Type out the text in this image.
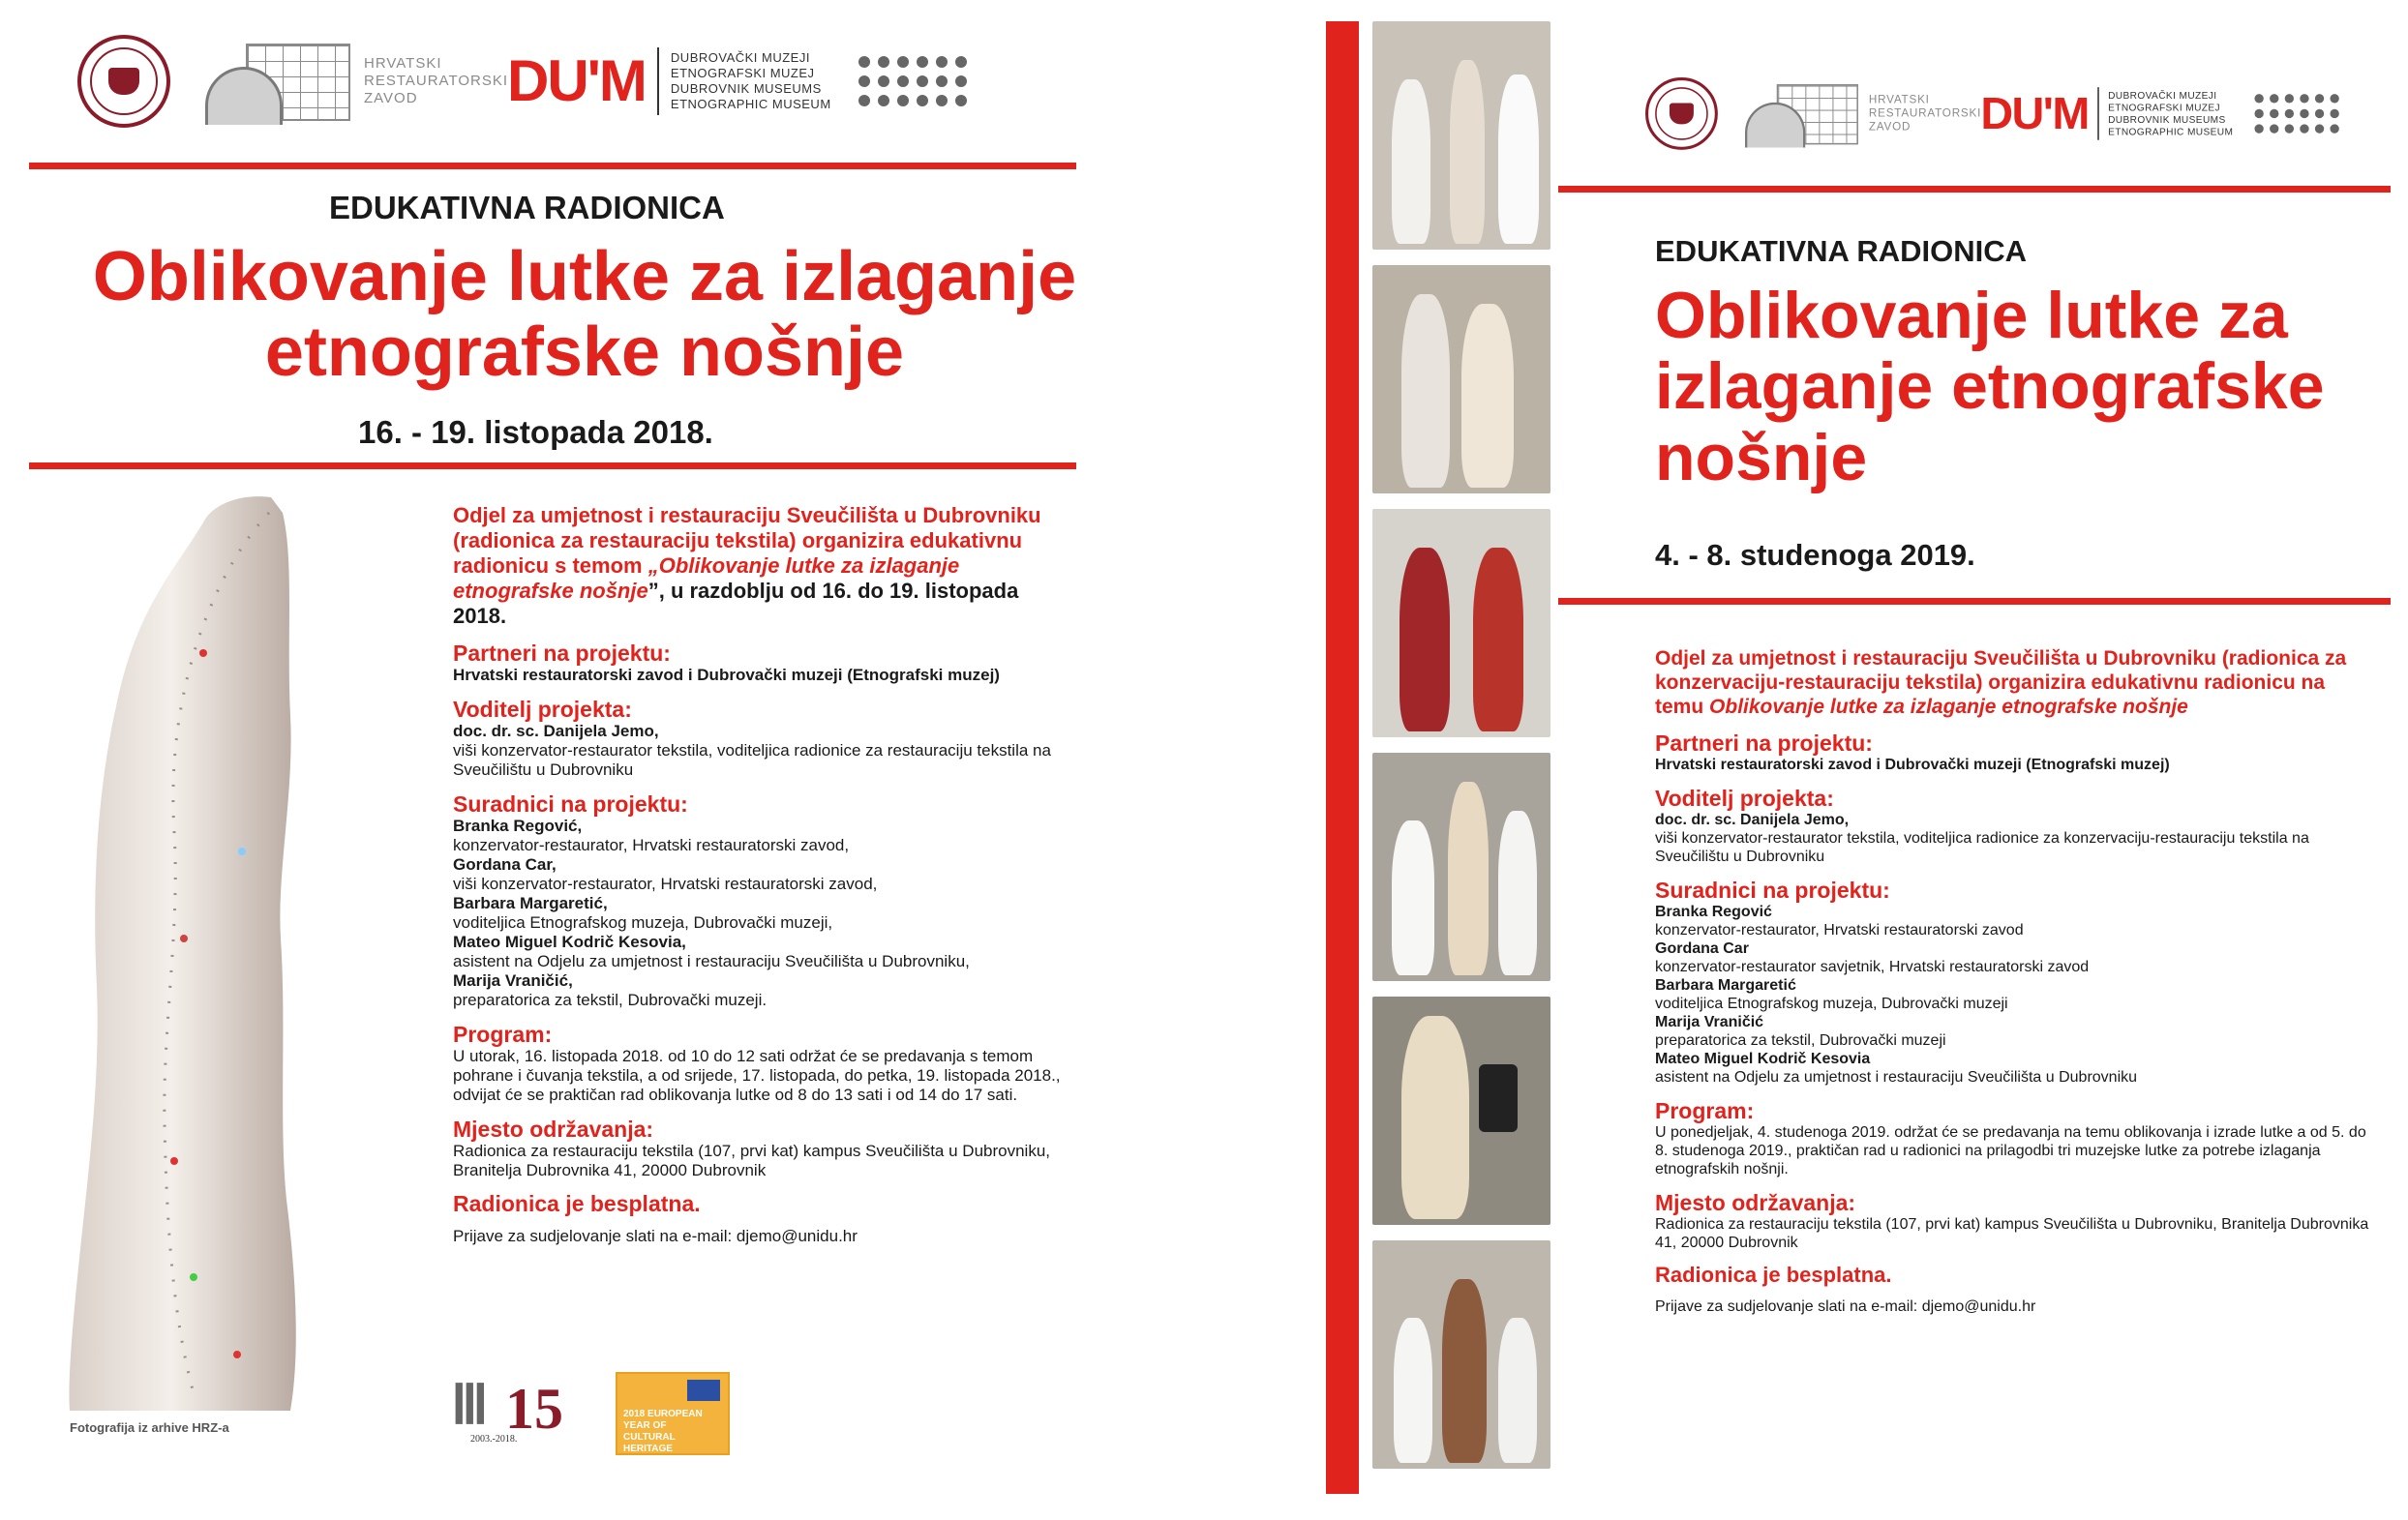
HRVATSKI
RESTAURATORSKI
ZAVOD	DU'M DUBROVAČKI MUZEJI
ETNOGRAFSKI MUZEJ
DUBROVNIK MUSEUMS
ETNOGRAPHIC MUSEUM
EDUKATIVNA RADIONICA
Oblikovanje lutke za izlaganje
etnografske nošnje
16. - 19. listopada 2018.
Fotografija iz arhive HRZ-a

Odjel za umjetnost i restauraciju Sveučilišta u Dubrovniku (radionica za restauraciju tekstila) organizira edukativnu radionicu s temom „Oblikovanje lutke za izlaganje etnografske nošnje”, u razdoblju od 16. do 19. listopada 2018.

Partneri na projektu:

Hrvatski restauratorski zavod i Dubrovački muzeji (Etnografski muzej)

Voditelj projekta:

doc. dr. sc. Danijela Jemo,

viši konzervator-restaurator tekstila, voditeljica radionice za restauraciju tekstila na Sveučilištu u Dubrovniku

Suradnici na projektu:

Branka Regović,

konzervator-restaurator, Hrvatski restauratorski zavod,

Gordana Car,

viši konzervator-restaurator, Hrvatski restauratorski zavod,

Barbara Margaretić,

voditeljica Etnografskog muzeja, Dubrovački muzeji,

Mateo Miguel Kodrič Kesovia,

asistent na Odjelu za umjetnost i restauraciju Sveučilišta u Dubrovniku,

Marija Vraničić,

preparatorica za tekstil, Dubrovački muzeji.

Program:

U utorak, 16. listopada 2018. od 10 do 12 sati održat će se predavanja s temom pohrane i čuvanja tekstila, a od srijede, 17. listopada, do petka, 19. listopada 2018., odvijat će se praktičan rad oblikovanja lutke od 8 do 13 sati i od 14 do 17 sati.

Mjesto održavanja:

Radionica za restauraciju tekstila (107, prvi kat) kampus Sveučilišta u Dubrovniku, Branitelja Dubrovnika 41, 20000 Dubrovnik

Radionica je besplatna.

Prijave za sudjelovanje slati na e-mail: djemo@unidu.hr

Ⅲ 15
2003.-2018.
2018 EUROPEAN YEAR OF CULTURAL HERITAGE #EuropeForCulture
HRVATSKI
RESTAURATORSKI
ZAVOD	DU'M DUBROVAČKI MUZEJI
ETNOGRAFSKI MUZEJ
DUBROVNIK MUSEUMS
ETNOGRAPHIC MUSEUM
EDUKATIVNA RADIONICA
Oblikovanje lutke za
izlaganje etnografske
nošnje
4. - 8. studenoga 2019.

Odjel za umjetnost i restauraciju Sveučilišta u Dubrovniku (radionica za konzervaciju-restauraciju tekstila) organizira edukativnu radionicu na temu Oblikovanje lutke za izlaganje etnografske nošnje

Partneri na projektu:

Hrvatski restauratorski zavod i Dubrovački muzeji (Etnografski muzej)

Voditelj projekta:

doc. dr. sc. Danijela Jemo,

viši konzervator-restaurator tekstila, voditeljica radionice za konzervaciju-restauraciju tekstila na Sveučilištu u Dubrovniku

Suradnici na projektu:

Branka Regović

konzervator-restaurator, Hrvatski restauratorski zavod

Gordana Car

konzervator-restaurator savjetnik, Hrvatski restauratorski zavod

Barbara Margaretić

voditeljica Etnografskog muzeja, Dubrovački muzeji

Marija Vraničić

preparatorica za tekstil, Dubrovački muzeji

Mateo Miguel Kodrič Kesovia

asistent na Odjelu za umjetnost i restauraciju Sveučilišta u Dubrovniku

Program:

U ponedjeljak, 4. studenoga 2019. održat će se predavanja na temu oblikovanja i izrade lutke a od 5. do 8. studenoga 2019., praktičan rad u radionici na prilagodbi tri muzejske lutke za potrebe izlaganja etnografskih nošnji.

Mjesto održavanja:

Radionica za restauraciju tekstila (107, prvi kat) kampus Sveučilišta u Dubrovniku, Branitelja Dubrovnika 41, 20000 Dubrovnik

Radionica je besplatna.

Prijave za sudjelovanje slati na e-mail: djemo@unidu.hr
